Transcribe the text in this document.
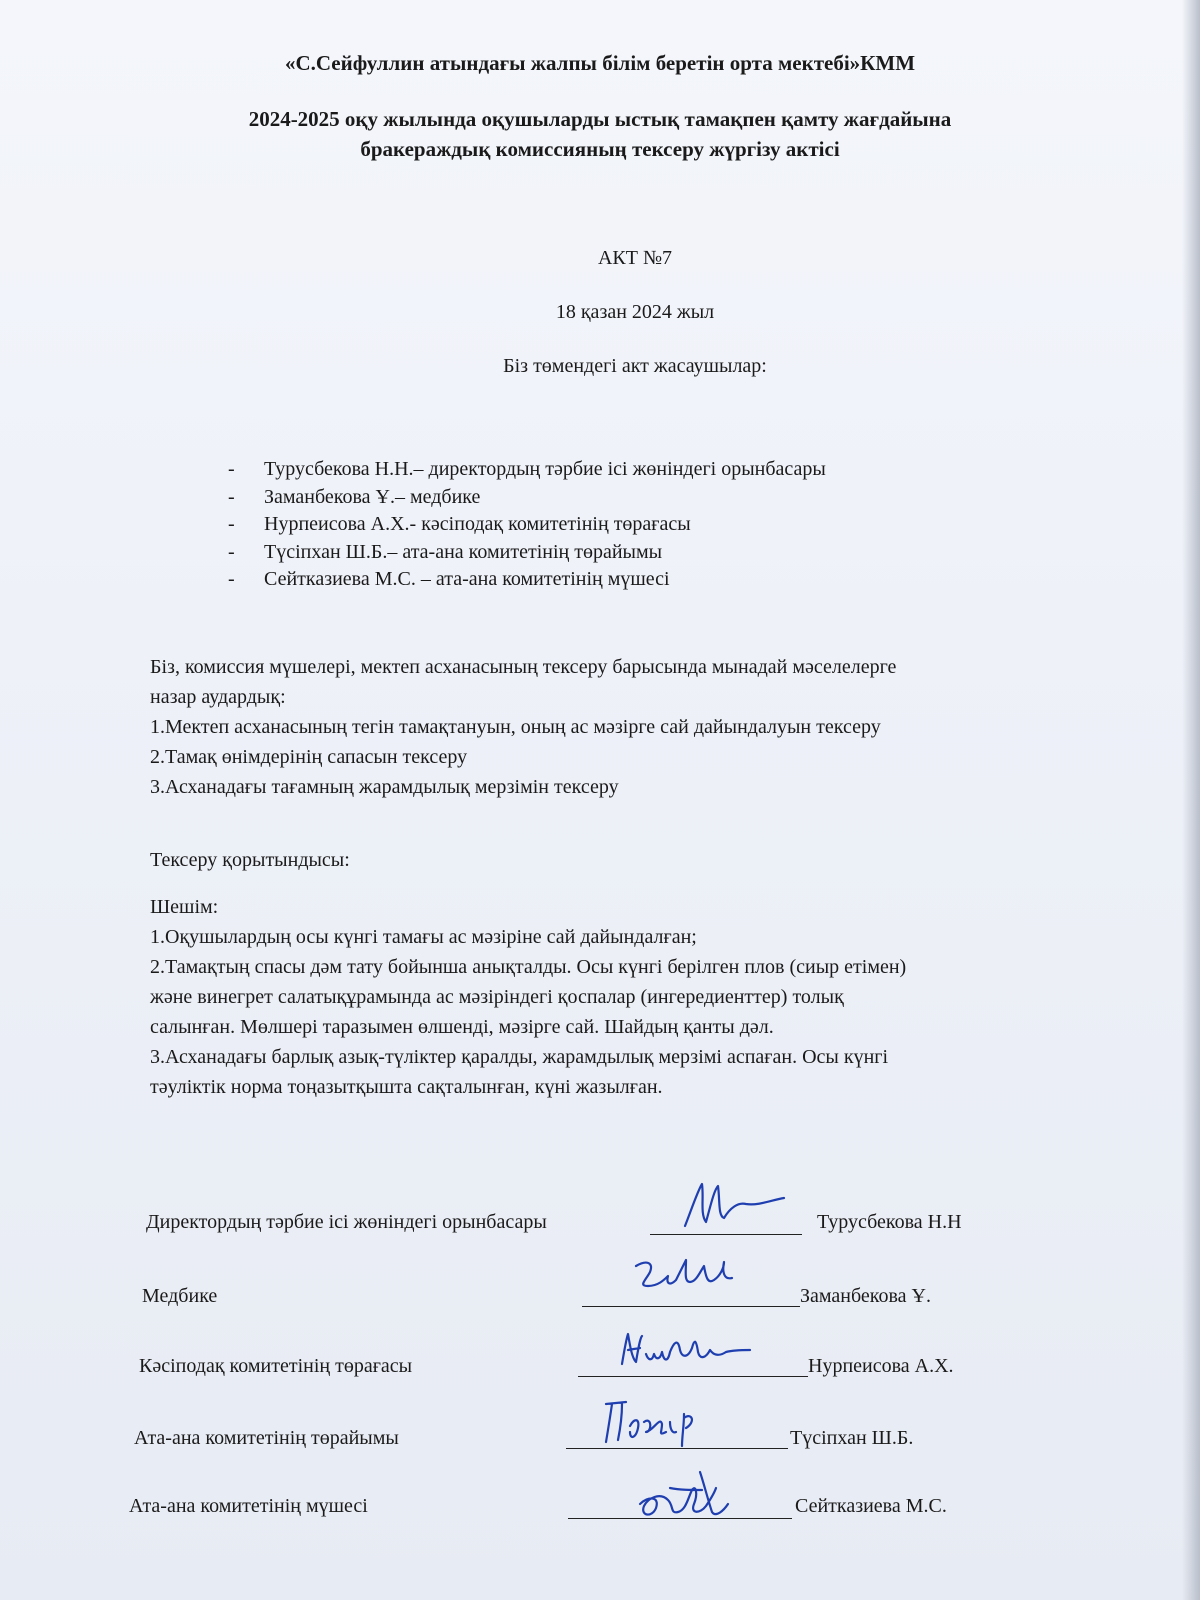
«С.Сейфуллин атындағы жалпы білім беретін орта мектебі»КММ
2024-2025 оқу жылында оқушыларды ыстық тамақпен қамту жағдайына
бракераждық комиссияның тексеру жүргізу актісі
АКТ №7
18 қазан 2024 жыл
Біз төмендегі акт жасаушылар:
- Турусбекова Н.Н.– директордың тәрбие ісі жөніндегі орынбасары
- Заманбекова Ұ.– медбике
- Нурпеисова А.Х.- кәсіподақ комитетінің төрағасы
- Түсіпхан Ш.Б.– ата-ана комитетінің төрайымы
- Сейтказиева М.С. – ата-ана комитетінің мүшесі
Біз, комиссия мүшелері, мектеп асханасының тексеру барысында мынадай мәселелерге
назар аудардық:
1.Мектеп асханасының тегін тамақтануын, оның ас мәзірге сай дайындалуын тексеру
2.Тамақ өнімдерінің сапасын тексеру
3.Асханадағы тағамның жарамдылық мерзімін тексеру
Тексеру қорытындысы:
Шешім:
1.Оқушылардың осы күнгі тамағы ас мәзіріне сай дайындалған;
2.Тамақтың спасы дәм тату бойынша анықталды. Осы күнгі берілген плов (сиыр етімен)
және винегрет салатықұрамында ас мәзіріндегі қоспалар (ингередиенттер) толық
салынған. Мөлшері таразымен өлшенді, мәзірге сай. Шайдың қанты дәл.
3.Асханадағы барлық азық-түліктер қаралды, жарамдылық мерзімі аспаған. Осы күнгі
тәуліктік норма тоңазытқышта сақталынған, күні жазылған.
Директордың тәрбие ісі жөніндегі орынбасары	Турусбекова Н.Н
Медбике	Заманбекова Ұ.
Кәсіподақ комитетінің төрағасы	Нурпеисова А.Х.
Ата-ана комитетінің төрайымы	Түсіпхан Ш.Б.
Ата-ана комитетінің мүшесі	Сейтказиева М.С.
